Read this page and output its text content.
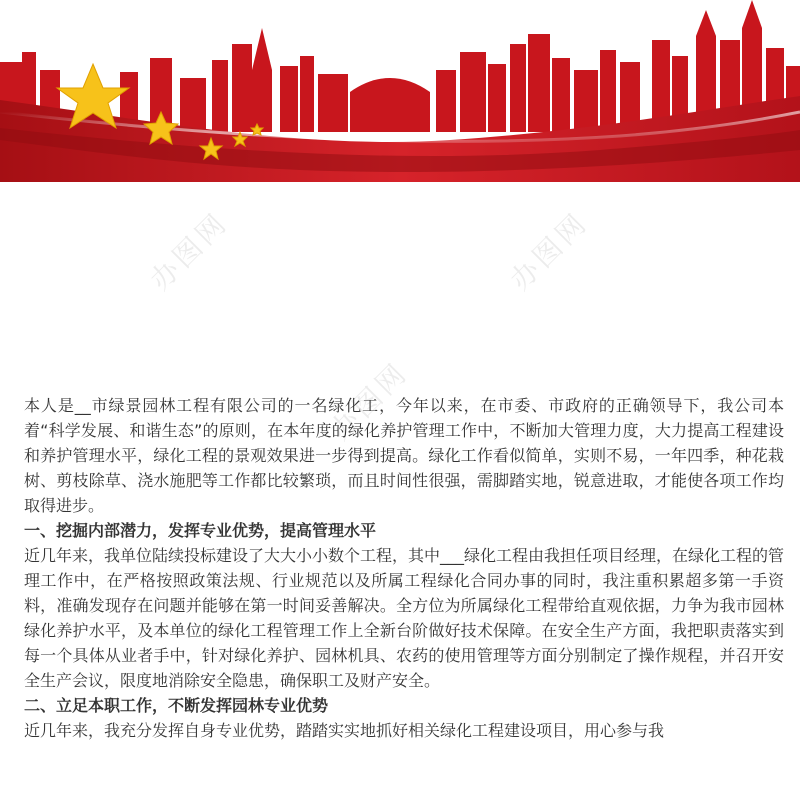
办图网	办图网
办图网

本人是__市绿景园林工程有限公司的一名绿化工，今年以来，在市委、市政府的正确领导下，我公司本着“科学发展、和谐生态”的原则，在本年度的绿化养护管理工作中，不断加大管理力度，大力提高工程建设和养护管理水平，绿化工程的景观效果进一步得到提高。绿化工作看似简单，实则不易，一年四季，种花栽树、剪枝除草、浇水施肥等工作都比较繁琐，而且时间性很强，需脚踏实地，锐意进取，才能使各项工作均取得进步。

一、挖掘内部潜力，发挥专业优势，提高管理水平

近几年来，我单位陆续投标建设了大大小小数个工程，其中___绿化工程由我担任项目经理，在绿化工程的管理工作中，在严格按照政策法规、行业规范以及所属工程绿化合同办事的同时，我注重积累超多第一手资料，准确发现存在问题并能够在第一时间妥善解决。全方位为所属绿化工程带给直观依据，力争为我市园林绿化养护水平，及本单位的绿化工程管理工作上全新台阶做好技术保障。在安全生产方面，我把职责落实到每一个具体从业者手中，针对绿化养护、园林机具、农药的使用管理等方面分别制定了操作规程，并召开安全生产会议，限度地消除安全隐患，确保职工及财产安全。

二、立足本职工作，不断发挥园林专业优势

近几年来，我充分发挥自身专业优势，踏踏实实地抓好相关绿化工程建设项目，用心参与我
